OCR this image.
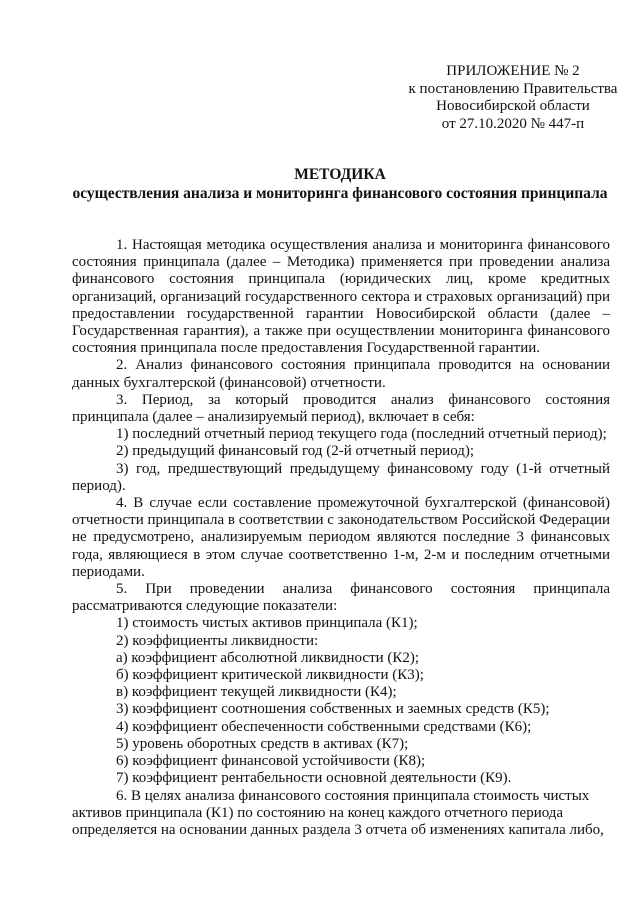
ПРИЛОЖЕНИЕ № 2
к постановлению Правительства
Новосибирской области
от 27.10.2020 № 447-п
МЕТОДИКА
осуществления анализа и мониторинга финансового состояния принципала

1. Настоящая методика осуществления анализа и мониторинга финансового состояния принципала (далее – Методика) применяется при проведении анализа финансового состояния принципала (юридических лиц, кроме кредитных организаций, организаций государственного сектора и страховых организаций) при предоставлении государственной гарантии Новосибирской области (далее – Государственная гарантия), а также при осуществлении мониторинга финансового состояния принципала после предоставления Государственной гарантии.

2. Анализ финансового состояния принципала проводится на основании данных бухгалтерской (финансовой) отчетности.

3. Период, за который проводится анализ финансового состояния принципала (далее – анализируемый период), включает в себя:

1) последний отчетный период текущего года (последний отчетный период);

2) предыдущий финансовый год (2-й отчетный период);

3) год, предшествующий предыдущему финансовому году (1-й отчетный период).

4. В случае если составление промежуточной бухгалтерской (финансовой) отчетности принципала в соответствии с законодательством Российской Федерации не предусмотрено, анализируемым периодом являются последние 3 финансовых года, являющиеся в этом случае соответственно 1-м, 2-м и последним отчетными периодами.

5. При проведении анализа финансового состояния принципала рассматриваются следующие показатели:

1) стоимость чистых активов принципала (К1);

2) коэффициенты ликвидности:

а) коэффициент абсолютной ликвидности (К2);

б) коэффициент критической ликвидности (К3);

в) коэффициент текущей ликвидности (К4);

3) коэффициент соотношения собственных и заемных средств (К5);

4) коэффициент обеспеченности собственными средствами (К6);

5) уровень оборотных средств в активах (К7);

6) коэффициент финансовой устойчивости (К8);

7) коэффициент рентабельности основной деятельности (К9).

6. В целях анализа финансового состояния принципала стоимость чистых активов принципала (К1) по состоянию на конец каждого отчетного периода определяется на основании данных раздела 3 отчета об изменениях капитала либо,
